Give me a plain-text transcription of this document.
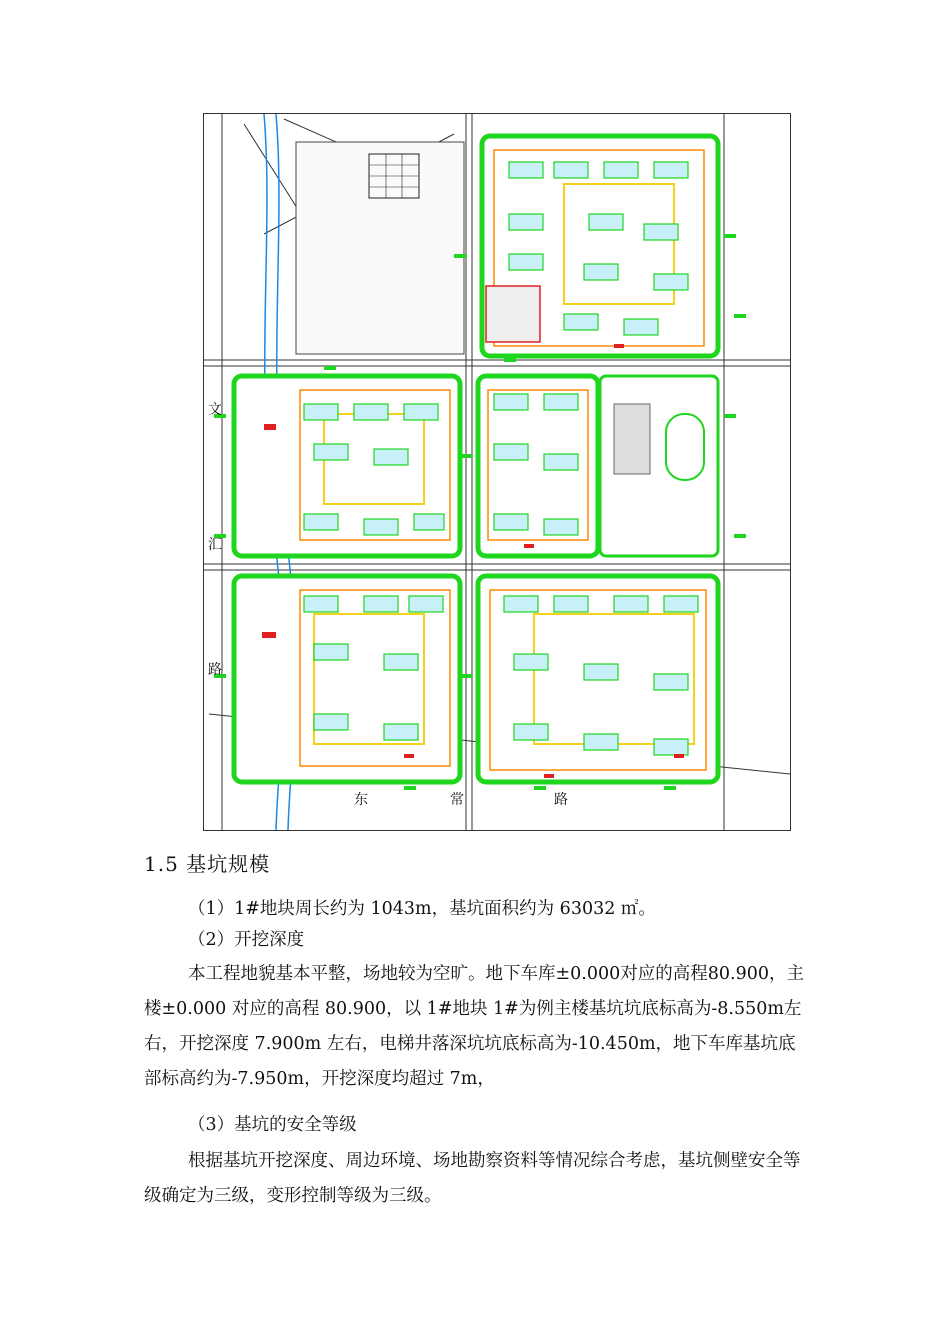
文
汇
路
东	常	路
1.5 基坑规模
（1）1#地块周长约为 1043m，基坑面积约为 63032 ㎡。
（2）开挖深度

本工程地貌基本平整，场地较为空旷。地下车库±0.000对应的高程80.900，主楼±0.000 对应的高程 80.900，以 1#地块 1#为例主楼基坑坑底标高为-8.550m左右，开挖深度 7.900m 左右，电梯井落深坑坑底标高为-10.450m，地下车库基坑底部标高约为-7.950m，开挖深度均超过 7m，

（3）基坑的安全等级

根据基坑开挖深度、周边环境、场地勘察资料等情况综合考虑，基坑侧壁安全等级确定为三级，变形控制等级为三级。
